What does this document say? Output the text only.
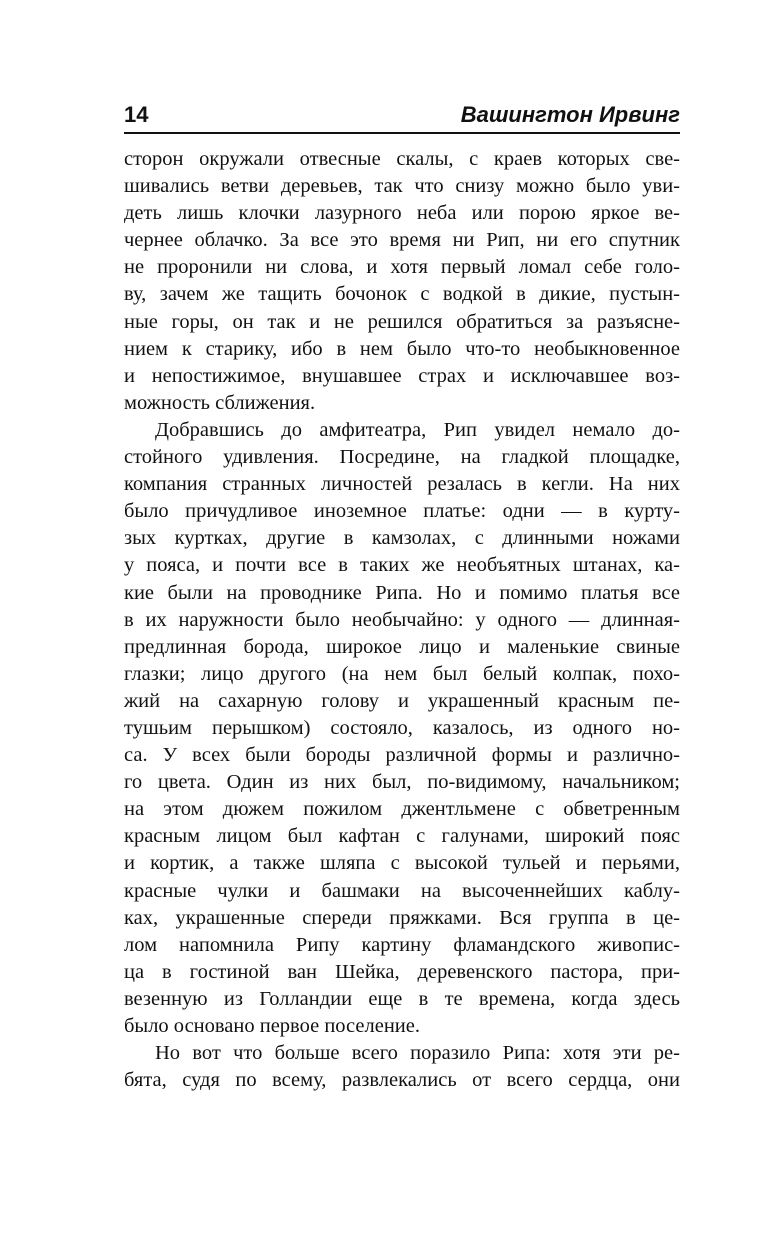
14	Вашингтон Ирвинг

сторон окружали отвесные скалы, с краев которых све-
шивались ветви деревьев, так что снизу можно было уви-
деть лишь клочки лазурного неба или порою яркое ве-
чернее облачко. За все это время ни Рип, ни его спутник
не проронили ни слова, и хотя первый ломал себе голо-
ву, зачем же тащить бочонок с водкой в дикие, пустын-
ные горы, он так и не решился обратиться за разъясне-
нием к старику, ибо в нем было что-то необыкновенное
и непостижимое, внушавшее страх и исключавшее воз-
можность сближения.

Добравшись до амфитеатра, Рип увидел немало до-
стойного удивления. Посредине, на гладкой площадке,
компания странных личностей резалась в кегли. На них
было причудливое иноземное платье: одни — в курту-
зых куртках, другие в камзолах, с длинными ножами
у пояса, и почти все в таких же необъятных штанах, ка-
кие были на проводнике Рипа. Но и помимо платья все
в их наружности было необычайно: у одного — длинная-
предлинная борода, широкое лицо и маленькие свиные
глазки; лицо другого (на нем был белый колпак, похо-
жий на сахарную голову и украшенный красным пе-
тушьим перышком) состояло, казалось, из одного но-
са. У всех были бороды различной формы и различно-
го цвета. Один из них был, по-видимому, начальником;
на этом дюжем пожилом джентльмене с обветренным
красным лицом был кафтан с галунами, широкий пояс
и кортик, а также шляпа с высокой тульей и перьями,
красные чулки и башмаки на высоченнейших каблу-
ках, украшенные спереди пряжками. Вся группа в це-
лом напомнила Рипу картину фламандского живопис-
ца в гостиной ван Шейка, деревенского пастора, при-
везенную из Голландии еще в те времена, когда здесь
было основано первое поселение.

Но вот что больше всего поразило Рипа: хотя эти ре-
бята, судя по всему, развлекались от всего сердца, они
